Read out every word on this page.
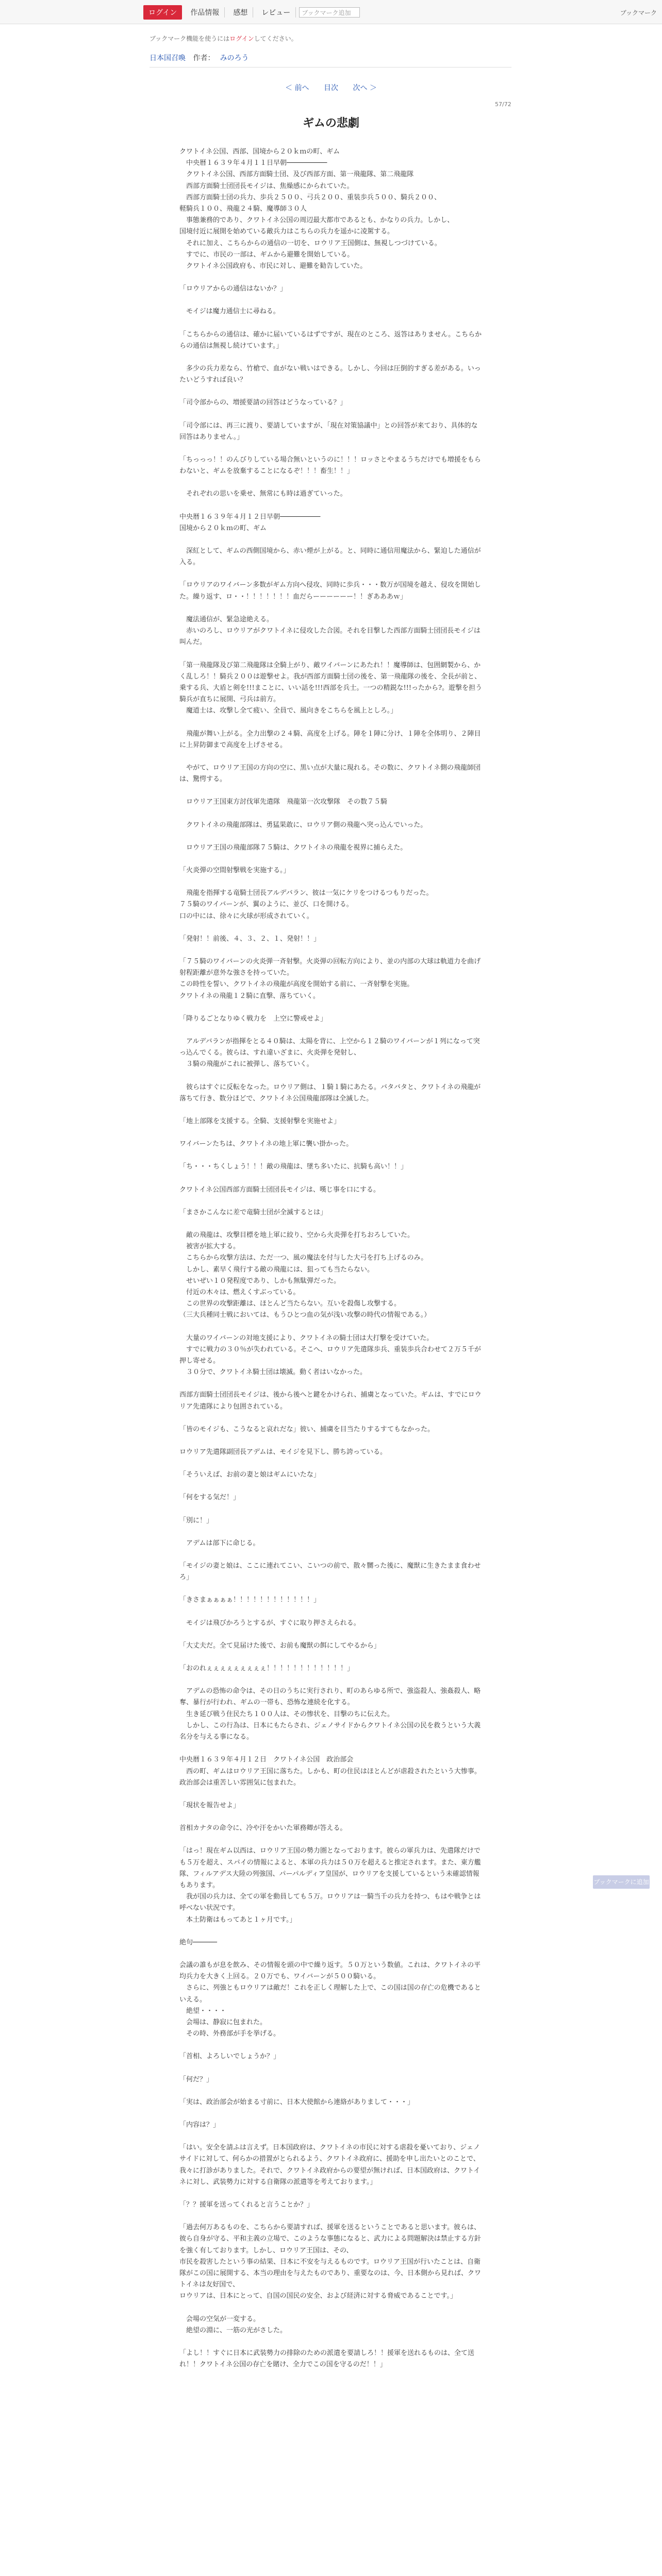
ログイン	作品情報	感想	レビュー	ブックマーク追加	ブックマーク
ブックマーク機能を使うにはログインしてください。
日本国召喚 作者： みのろう
＜ 前へ 目次 次へ ＞
57/72
ギムの悲劇

クワトイネ公国、西部、国境から２０ｋｍの町、ギム

　中央暦１６３９年４月１１日早朝──────────

　クワトイネ公国、西部方面騎士団、及び西部方面、第一飛龍隊、第二飛龍隊

　西部方面騎士団団長モイジは、焦燥感にかられていた。

　西部方面騎士団の兵力、歩兵２５００、弓兵２００、重装歩兵５００、騎兵２００、

軽騎兵１００、飛龍２４騎、魔導師３０人

　事態兼務的であり、クワトイネ公国の周辺最大都市であるとも、かなりの兵力。しかし、

国境付近に展開を始めている敵兵力はこちらの兵力を遥かに凌駕する。

　それに加え、こちらからの通信の一切を、ロウリア王国側は、無視しつづけている。

　すでに、市民の一部は、ギムから避難を開始している。

　クワトイネ公国政府も、市民に対し、避難を勧告していた。

「ロウリアからの通信はないか？」

　モイジは魔力通信士に尋ねる。

「こちらからの通信は、確かに届いているはずですが、現在のところ、返答はありません。こちらからの通信は無視し続けています。」

　多少の兵力差なら、竹槍で、血がない戦いはできる。しかし、今回は圧倒的すぎる差がある。いったいどうすれば良い？

「司令部からの、増援要請の回答はどうなっている？」

「司令部には、再三に渡り、要請していますが、「現在対策協議中」との回答が来ており、具体的な回答はありません。」

「ちっっっ！！のんびりしている場合無いというのに！！！ロッさとやまるうちだけでも増援をもらわないと、ギムを放棄することになるぞ！！！畜生！！」

　それぞれの思いを乗せ、無常にも時は過ぎていった。

中央暦１６３９年４月１２日早朝──────────

国境から２０ｋｍの町、ギム

　深紅として、ギムの西側国境から、赤い煙が上がる。と、同時に通信用魔法から、緊迫した通信が入る。

「ロウリアのワイバーン多数がギム方向へ侵攻、同時に歩兵・・・数万が国境を越え、侵攻を開始した。繰り返す、ロ・・！！！！！！！血だらーーーーーー！！ぎあああｗ」

　魔法通信が、緊急途絶える。

　赤いのろし、ロウリアがクワトイネに侵攻した合図。それを目撃した西部方面騎士団団長モイジは叫んだ。

「第一飛龍隊及び第二飛龍隊は全騎上がり、敵ワイバーンにあたれ！！魔導師は、包囲網製から、かく乱しろ！！騎兵２００は遊撃せよ。我が西部方面騎士団の後を、第一飛龍隊の後を、全長が前と、乗する兵、大盾と剣を!!!まことに、いい話を!!!西部を兵士。一つの精鋭な!!!ったから?。遊撃を担う騎兵が直ちに展開、弓兵は前方。

　魔道士は、攻撃し全て疲い、全員で、風向きをこちらを風上としろ。」

　飛龍が舞い上がる。全力出撃の２４騎、高度を上げる。陣を１陣に分け、１陣を全体明り、２陣目に上昇防御まで高度を上げさせる。

　やがて、ロウリア王国の方向の空に、黒い点が大量に現れる。その数に、クワトイネ側の飛龍師団は、驚愕する。

　ロウリア王国東方討伐軍先遣隊　飛龍第一次攻撃隊　その数７５騎

　クワトイネの飛龍部隊は、勇猛果敢に、ロウリア側の飛龍へ突っ込んでいった。

　ロウリア王国の飛龍部隊７５騎は、クワトイネの飛龍を視界に捕らえた。

「火炎弾の空間射撃戦を実施する。」

　飛龍を指揮する竜騎士団長アルデバラン、彼は一気にケリをつけるつもりだった。

７５騎のワイバーンが、翼のように、並び、口を開ける。

口の中には、徐々に火球が形成されていく。

「発射！！前後、４、３、２、１、発射！！」

「７５騎のワイバーンの火炎弾一斉射撃。火炎弾の回転方向により、並の内部の大球は軌道力を曲げ射程距離が意外な強さを持っていた。

この時性を誓い、クワトイネの飛龍が高度を開始する前に、一斉射撃を実施。

クワトイネの飛龍１２騎に直撃、落ちていく。

「降りるごとなりゆく戦力を　上空に警戒せよ」

　アルデバランが指揮をとる４０騎は、太陽を背に、上空から１２騎のワイバーンが１列になって突っ込んでくる。彼らは、すれ違いざまに、火炎弾を発射し、

　３騎の飛龍がこれに被弾し、落ちていく。

　彼らはすぐに反転をなった。ロウリア側は、１騎１騎にあたる。バタバタと、クワトイネの飛龍が落ちて行き、数分ほどで、クワトイネ公国飛龍部隊は全滅した。

「地上部隊を支援する。全騎、支援射撃を実施せよ」

ワイバーンたちは、クワトイネの地上軍に襲い掛かった。

「ち・・・ちくしょう！！！敵の飛龍は、墜ち多いたに、抗騎も高い！！」

クワトイネ公国西部方面騎士団団長モイジは、嘆じ事を口にする。

「まさかこんなに差で竜騎士団が全滅するとは」

　敵の飛龍は、攻撃目標を地上軍に絞り、空から火炎弾を打ちおろしていた。

　被害が拡大する。

　こちらから攻撃方法は、ただ一つ、風の魔法を付与した大弓を打ち上げるのみ。

　しかし、素早く飛行する敵の飛龍には、狙っても当たらない。

　せいぜい１０発程度であり、しかも無駄弾だった。

　付近の木々は、燃えくすぶっている。

　この世界の攻撃距離は、ほとんど当たらない。互いを殺傷し攻撃する。

（三大兵種同士戦においては、もうひとつ血の気が浅い攻撃の時代の情報である。）

　大量のワイバーンの対地支援により、クワトイネの騎士団は大打撃を受けていた。

　すでに戦力の３０％が失われている。そこへ、ロウリア先遣隊歩兵、重装歩兵合わせて２万５千が押し寄せる。

　３０分で、クワトイネ騎士団は壊滅。動く者はいなかった。

西部方面騎士団団長モイジは、後から後へと鍵をかけられ、捕虜となっていた。ギムは、すでにロウリア先遣隊により包囲されている。

「皆のモイジも、こうなると哀れだな」彼い、捕虜を目当たりするすてもなかった。

ロウリア先遣隊副団長アデムは、モイジを見下し、勝ち誇っている。

「そういえば、お前の妻と娘はギムにいたな」

「何をする気だ！」

「別に！」

　アデムは部下に命じる。

「モイジの妻と娘は、ここに連れてこい、こいつの前で、散々嬲った後に、魔獣に生きたまま食わせろ」

「きさまぁぁぁぁ！！！！！！！！！！！！」

　モイジは飛びかろうとするが、すぐに取り押さえられる。

「大丈夫だ。全て見届けた後で、お前も魔獣の餌にしてやるから」

「おのれぇぇぇぇぇぇぇぇぇ！！！！！！！！！！！！」

　アデムの恐怖の命令は、その日のうちに実行されり、町のあらゆる所で、強盗殺人、強姦殺人、略奪、暴行が行われ、ギムの一帯も、恐怖な連続を化する。

　生き延び戦う住民たち１００人は、その惨状を、目撃のちに伝えた。

　しかし、この行為は、日本にもたらされ、ジェノサイドからクワトイネ公国の民を救うという大義名分を与える事になる。

中央暦１６３９年４月１２日　クワトイネ公国　政治部会

　西の町、ギムはロウリア王国に落ちた。しかも、町の住民はほとんどが虐殺されたという大惨事。政治部会は重苦しい雰囲気に包まれた。

「現状を報告せよ」

首相カナタの命令に、冷や汗をかいた軍務卿が答える。

「はっ！現在ギム以西は、ロウリア王国の勢力圏となっております。彼らの軍兵力は、先遣隊だけでも５万を超え、スパイの情報によると、本軍の兵力は５０万を超えると推定されます。また、東方艦隊、フィルアデス大陸の列強国、パーパルディア皇国が、ロウリアを支援しているという未確認情報もあります。

　我が国の兵力は、全ての軍を動員しても５万。ロウリアは一騎当千の兵力を持つ、もはや戦争とは呼べない状況です。

　本土防衛はもってあと１ヶ月です。」

絶句──────

会議の誰もが息を飲み、その情報を頭の中で繰り返す。５０万という数値。これは、クワトイネの平均兵力を大きく上回る。２０万でも、ワイバーンが５００騎いる。

　さらに、列強ともロウリアは敵だ！これを正しく理解した上で、この国は国の存亡の危機であるといえる。

　絶望・・・・

　会場は、静寂に包まれた。

　その時、外務部が手を挙げる。

「首相、よろしいでしょうか？」

「何だ？」

「実は、政治部会が始まる寸前に、日本大使館から連絡がありまして・・・」

「内容は？」

「はい。安全を請ふは言えず。日本国政府は、クワトイネの市民に対する虐殺を憂いており、ジェノサイドに対して、何らかの措置がとられるよう、クワトイネ政府に、援助を申し出たいとのことで、我々に打診がありました。それで、クワトイネ政府からの要望が無ければ、日本国政府は、クワトイネに対し、武装勢力に対する自衛隊の派遣等を考えております。」

「？？援軍を送ってくれると言うことか？」

「過去何万あるものを、こちらから要請すれば、援軍を送るということであると思います。彼らは、彼ら自身が守る、平和主義の立場で、このような事態になると、武力による問題解決は禁止する方針を強く有しております。しかし、ロウリア王国は、その、

市民を殺害したという事の結果、日本に不安を与えるものです。ロウリア王国が行いたことは、自衛隊がこの国に展開する、本当の理由を与えたものであり、重要なのは、今、日本側から見れば、クワトイネは友好国で、

ロウリアは、日本にとって、自国の国民の安全、および経済に対する脅威であることです。」

　会場の空気が一変する。

　絶望の淵に、一筋の光がさした。

「よし！！すぐに日本に武装勢力の排除のための派遣を要請しろ！！援軍を送れるものは、全て送れ！！クワトイネ公国の存亡を賭け、全力でこの国を守るのだ！！」

ブックマークに追加
